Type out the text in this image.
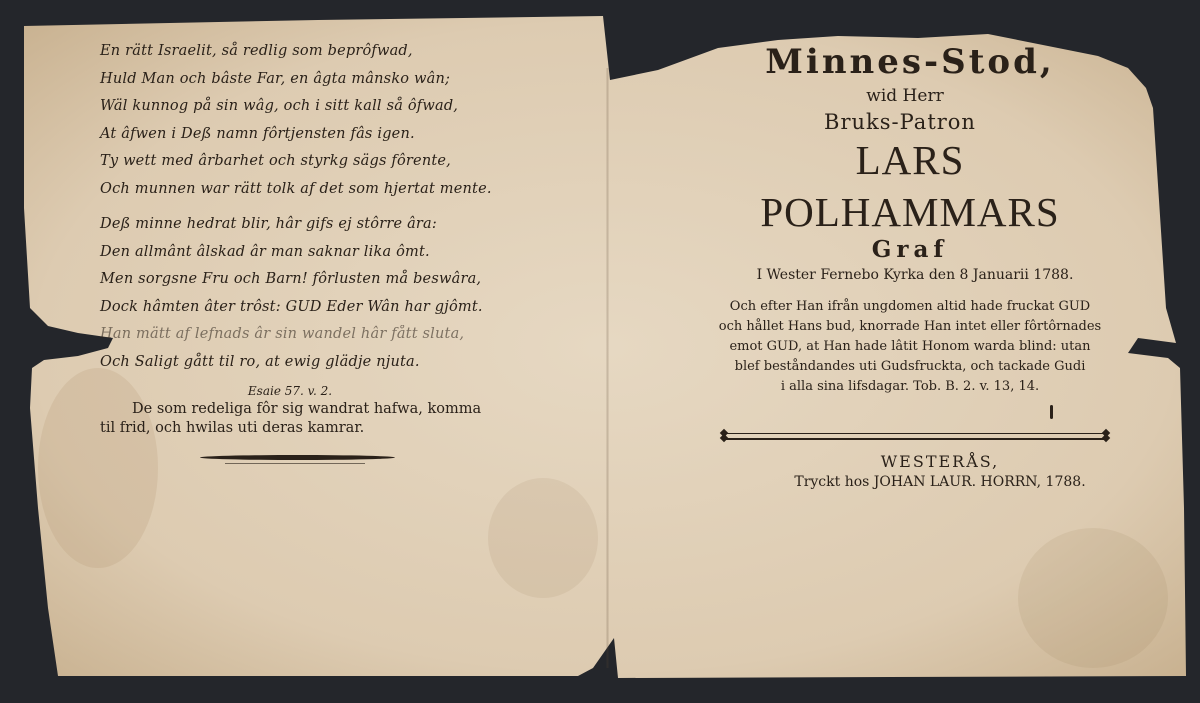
En rätt Israelit, så redlig som beprôfwad,
Huld Man och bâste Far, en âgta mânsko wân;
Wäl kunnog på sin wâg, och i sitt kall så ôfwad,
At âfwen i Deß namn fôrtjensten fâs igen.
Ty wett med ârbarhet och styrkg sägs fôrente,
Och munnen war rätt tolk af det som hjertat mente.
Deß minne hedrat blir, hâr gifs ej stôrre âra:
Den allmânt âlskad âr man saknar lika ômt.
Men sorgsne Fru och Barn! fôrlusten må beswâra,
Dock hâmten âter trôst: GUD Eder Wân har gjômt.
Han mätt af lefnads âr sin wandel hâr fått sluta,
Och Saligt gått til ro, at ewig glädje njuta.
Esaie 57. v. 2.
De som redeliga fôr sig wandrat hafwa, komma
til frid, och hwilas uti deras kamrar.
Minnes-Stod,
wid Herr
Bruks-Patron
LARS POLHAMMARS
Graf
I Wester Fernebo Kyrka den 8 Januarii 1788.
Och efter Han ifrån ungdomen altid hade fruckat GUD
och hållet Hans bud, knorrade Han intet eller fôrtôrnades
emot GUD, at Han hade lâtit Honom warda blind: utan
blef beståndandes uti Gudsfruckta, och tackade Gudi
i alla sina lifsdagar. Tob. B. 2. v. 13, 14.
WESTERÅS,
Tryckt hos JOHAN LAUR. HORRN, 1788.
